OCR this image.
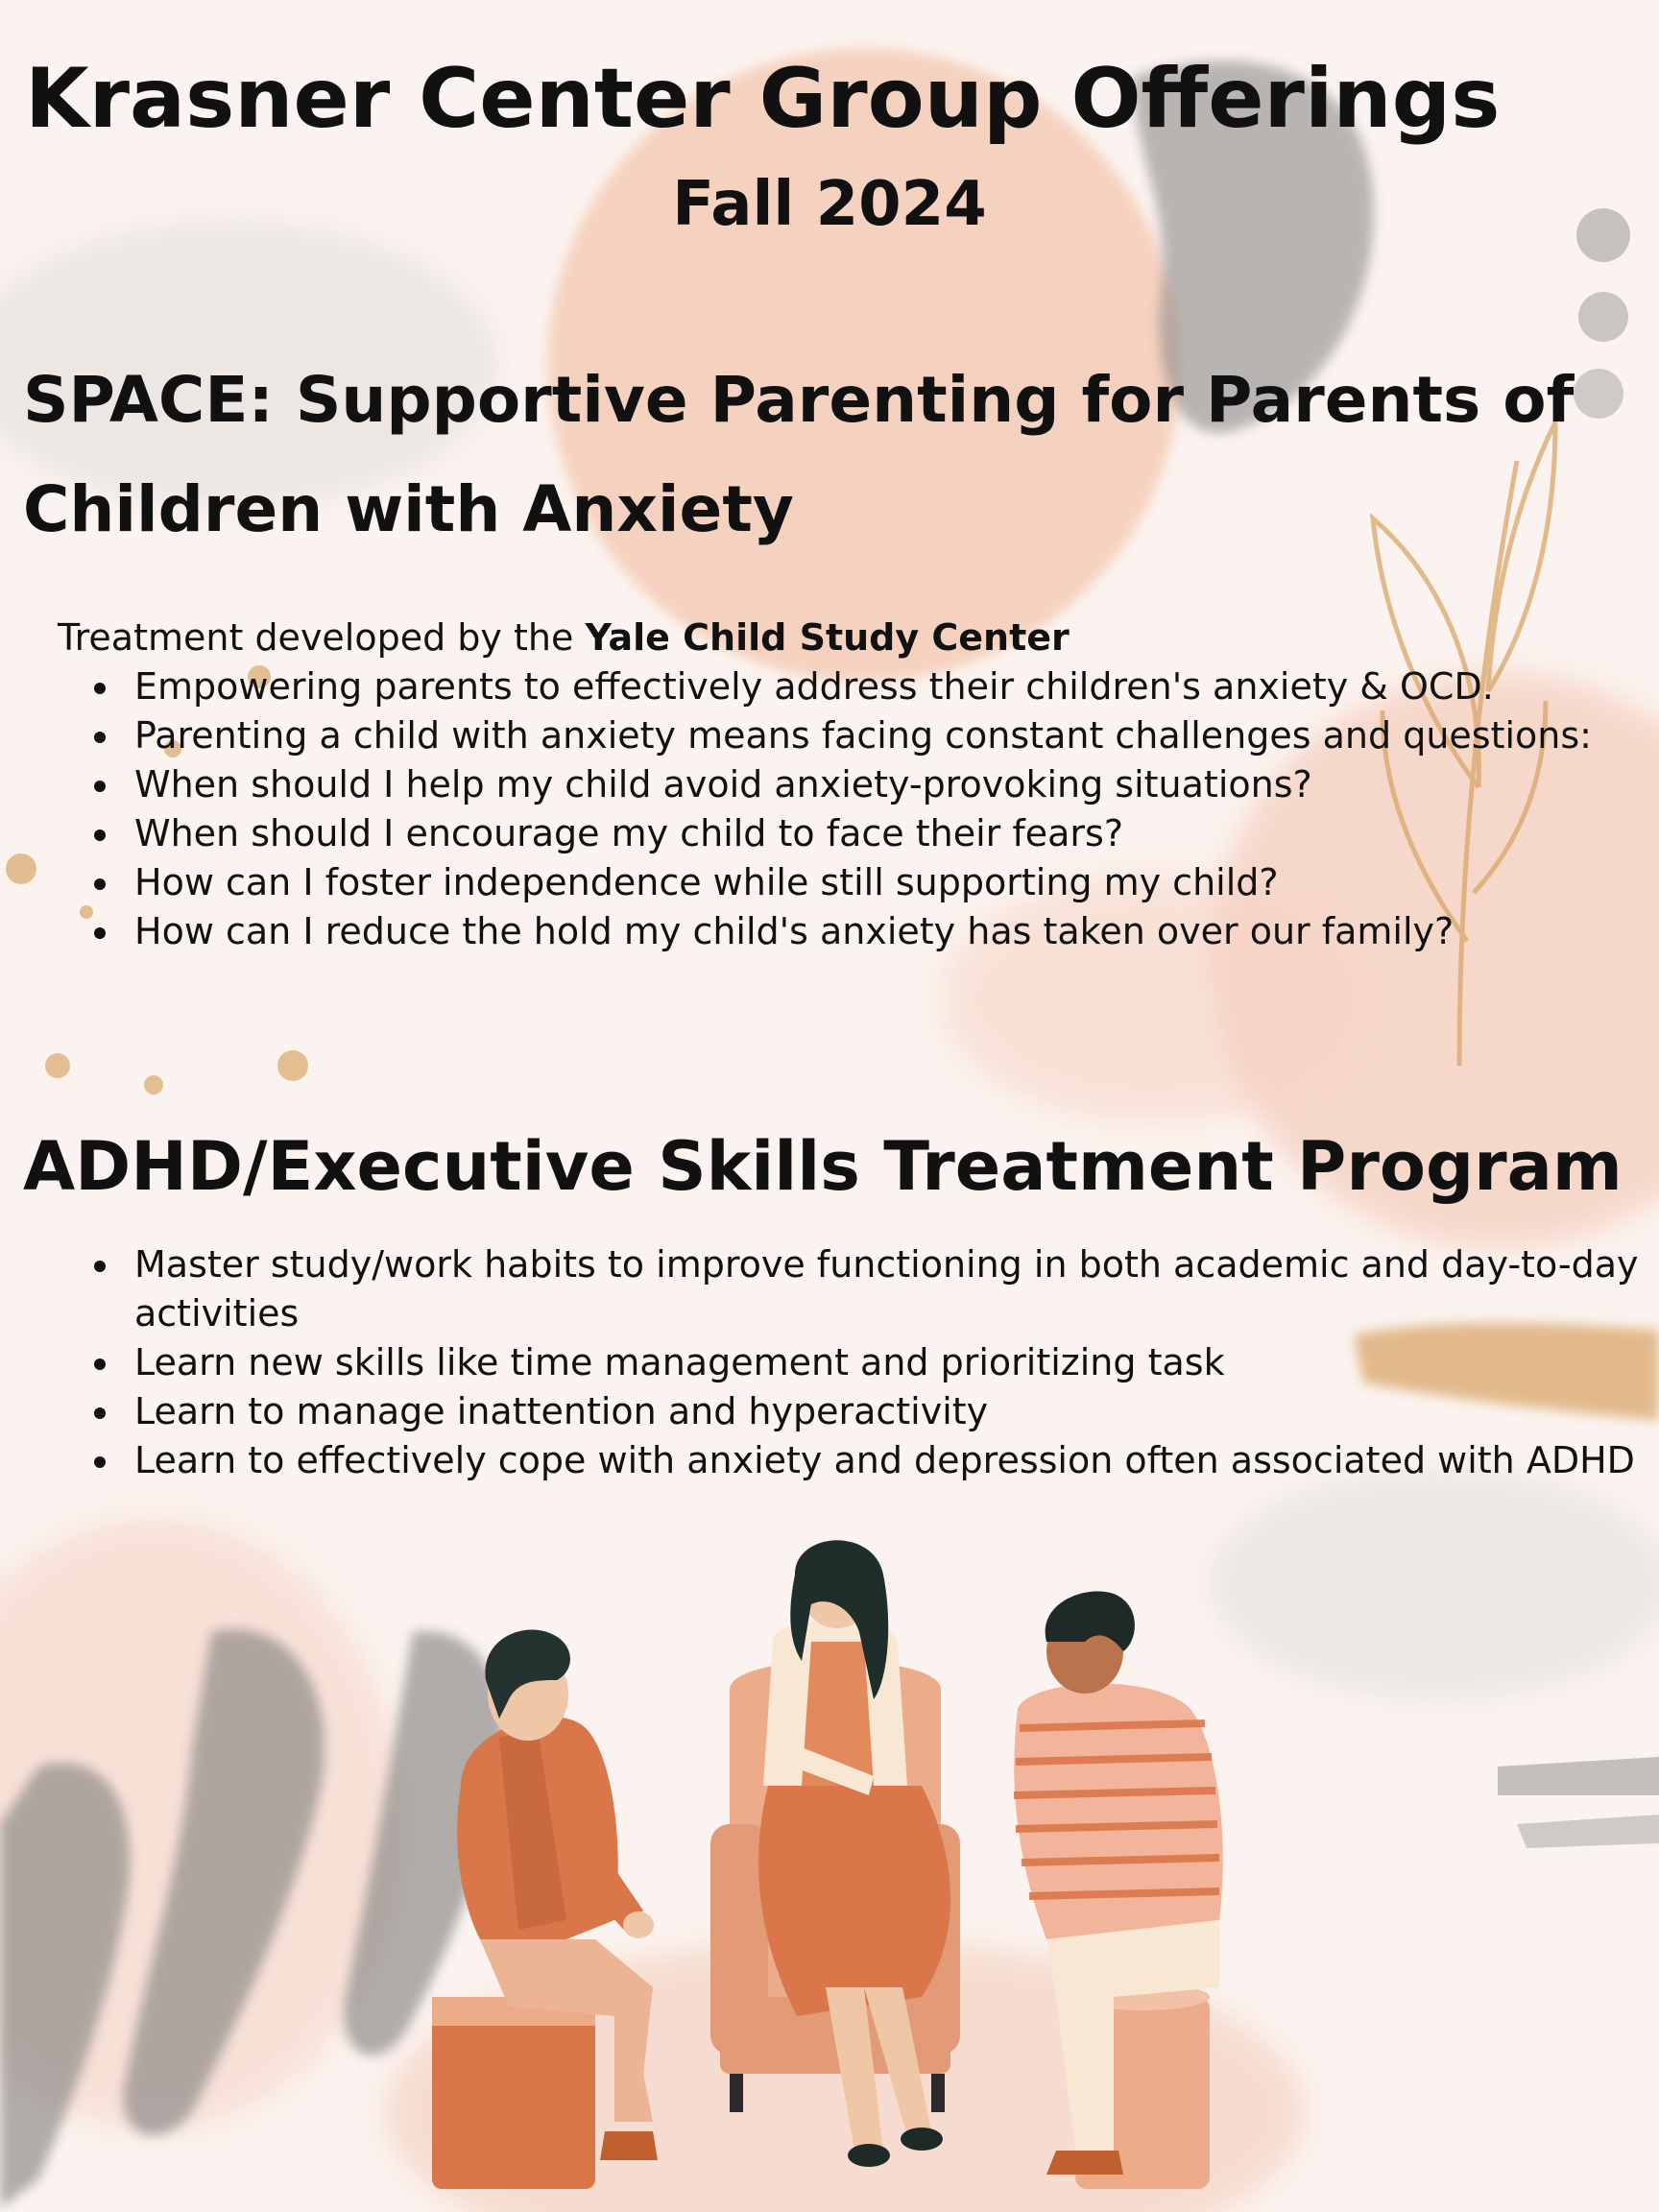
Krasner Center Group Offerings
Fall 2024
SPACE: Supportive Parenting for Parents of Children with Anxiety

Treatment developed by the Yale Child Study Center

Empowering parents to effectively address their children's anxiety & OCD.
Parenting a child with anxiety means facing constant challenges and questions:
When should I help my child avoid anxiety-provoking situations?
When should I encourage my child to face their fears?
How can I foster independence while still supporting my child?
How can I reduce the hold my child's anxiety has taken over our family?
ADHD/Executive Skills Treatment Program
Master study/work habits to improve functioning in both academic and day-to-day activities
Learn new skills like time management and prioritizing task
Learn to manage inattention and hyperactivity
Learn to effectively cope with anxiety and depression often associated with ADHD
